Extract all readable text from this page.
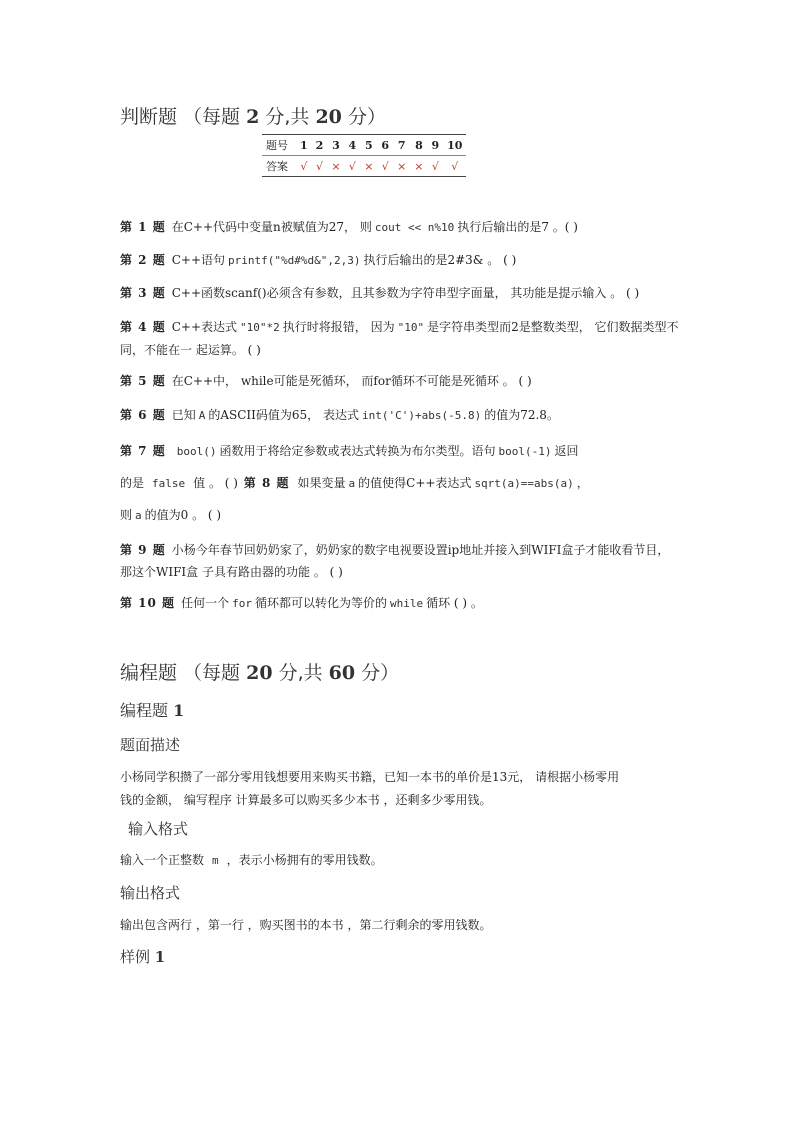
判断题 （每题 2 分,共 20 分）
题号	1	2	3	4	5	6	7	8	9	10
答案	√	√	×	√	×	√	×	×	√	√
第 1 题 在C++代码中变量n被赋值为27， 则 cout << n%10 执行后输出的是7 。( )
第 2 题 C++语句 printf("%d#%d&",2,3) 执行后输出的是2#3& 。 ( )
第 3 题 C++函数scanf()必须含有参数，且其参数为字符串型字面量， 其功能是提示输入 。 ( )
第 4 题 C++表达式 "10"*2 执行时将报错， 因为 "10" 是字符串类型而2是整数类型， 它们数据类型不同，不能在一 起运算。 ( )
第 5 题 在C++中， while可能是死循环， 而for循环不可能是死循环 。 ( )
第 6 题 已知 A 的ASCII码值为65， 表达式 int('C')+abs(-5.8) 的值为72.8。
第 7 题 bool() 函数用于将给定参数或表达式转换为布尔类型。语句 bool(-1) 返回
的是 false 值 。 ( ) 第 8 题 如果变量 a 的值使得C++表达式 sqrt(a)==abs(a) ，
则 a 的值为0 。 ( )
第 9 题 小杨今年春节回奶奶家了，奶奶家的数字电视要设置ip地址并接入到WIFI盒子才能收看节目， 那这个WIFI盒 子具有路由器的功能 。 ( )
第 10 题 任何一个 for 循环都可以转化为等价的 while 循环 ( ) 。
编程题 （每题 20 分,共 60 分）
编程题 1
题面描述
小杨同学积攒了一部分零用钱想要用来购买书籍，已知一本书的单价是13元， 请根据小杨零用
钱的金额， 编写程序 计算最多可以购买多少本书 ，还剩多少零用钱。
输入格式
输入一个正整数 m ，表示小杨拥有的零用钱数。
输出格式
输出包含两行 ，第一行 ，购买图书的本书 ，第二行剩余的零用钱数。
样例 1
